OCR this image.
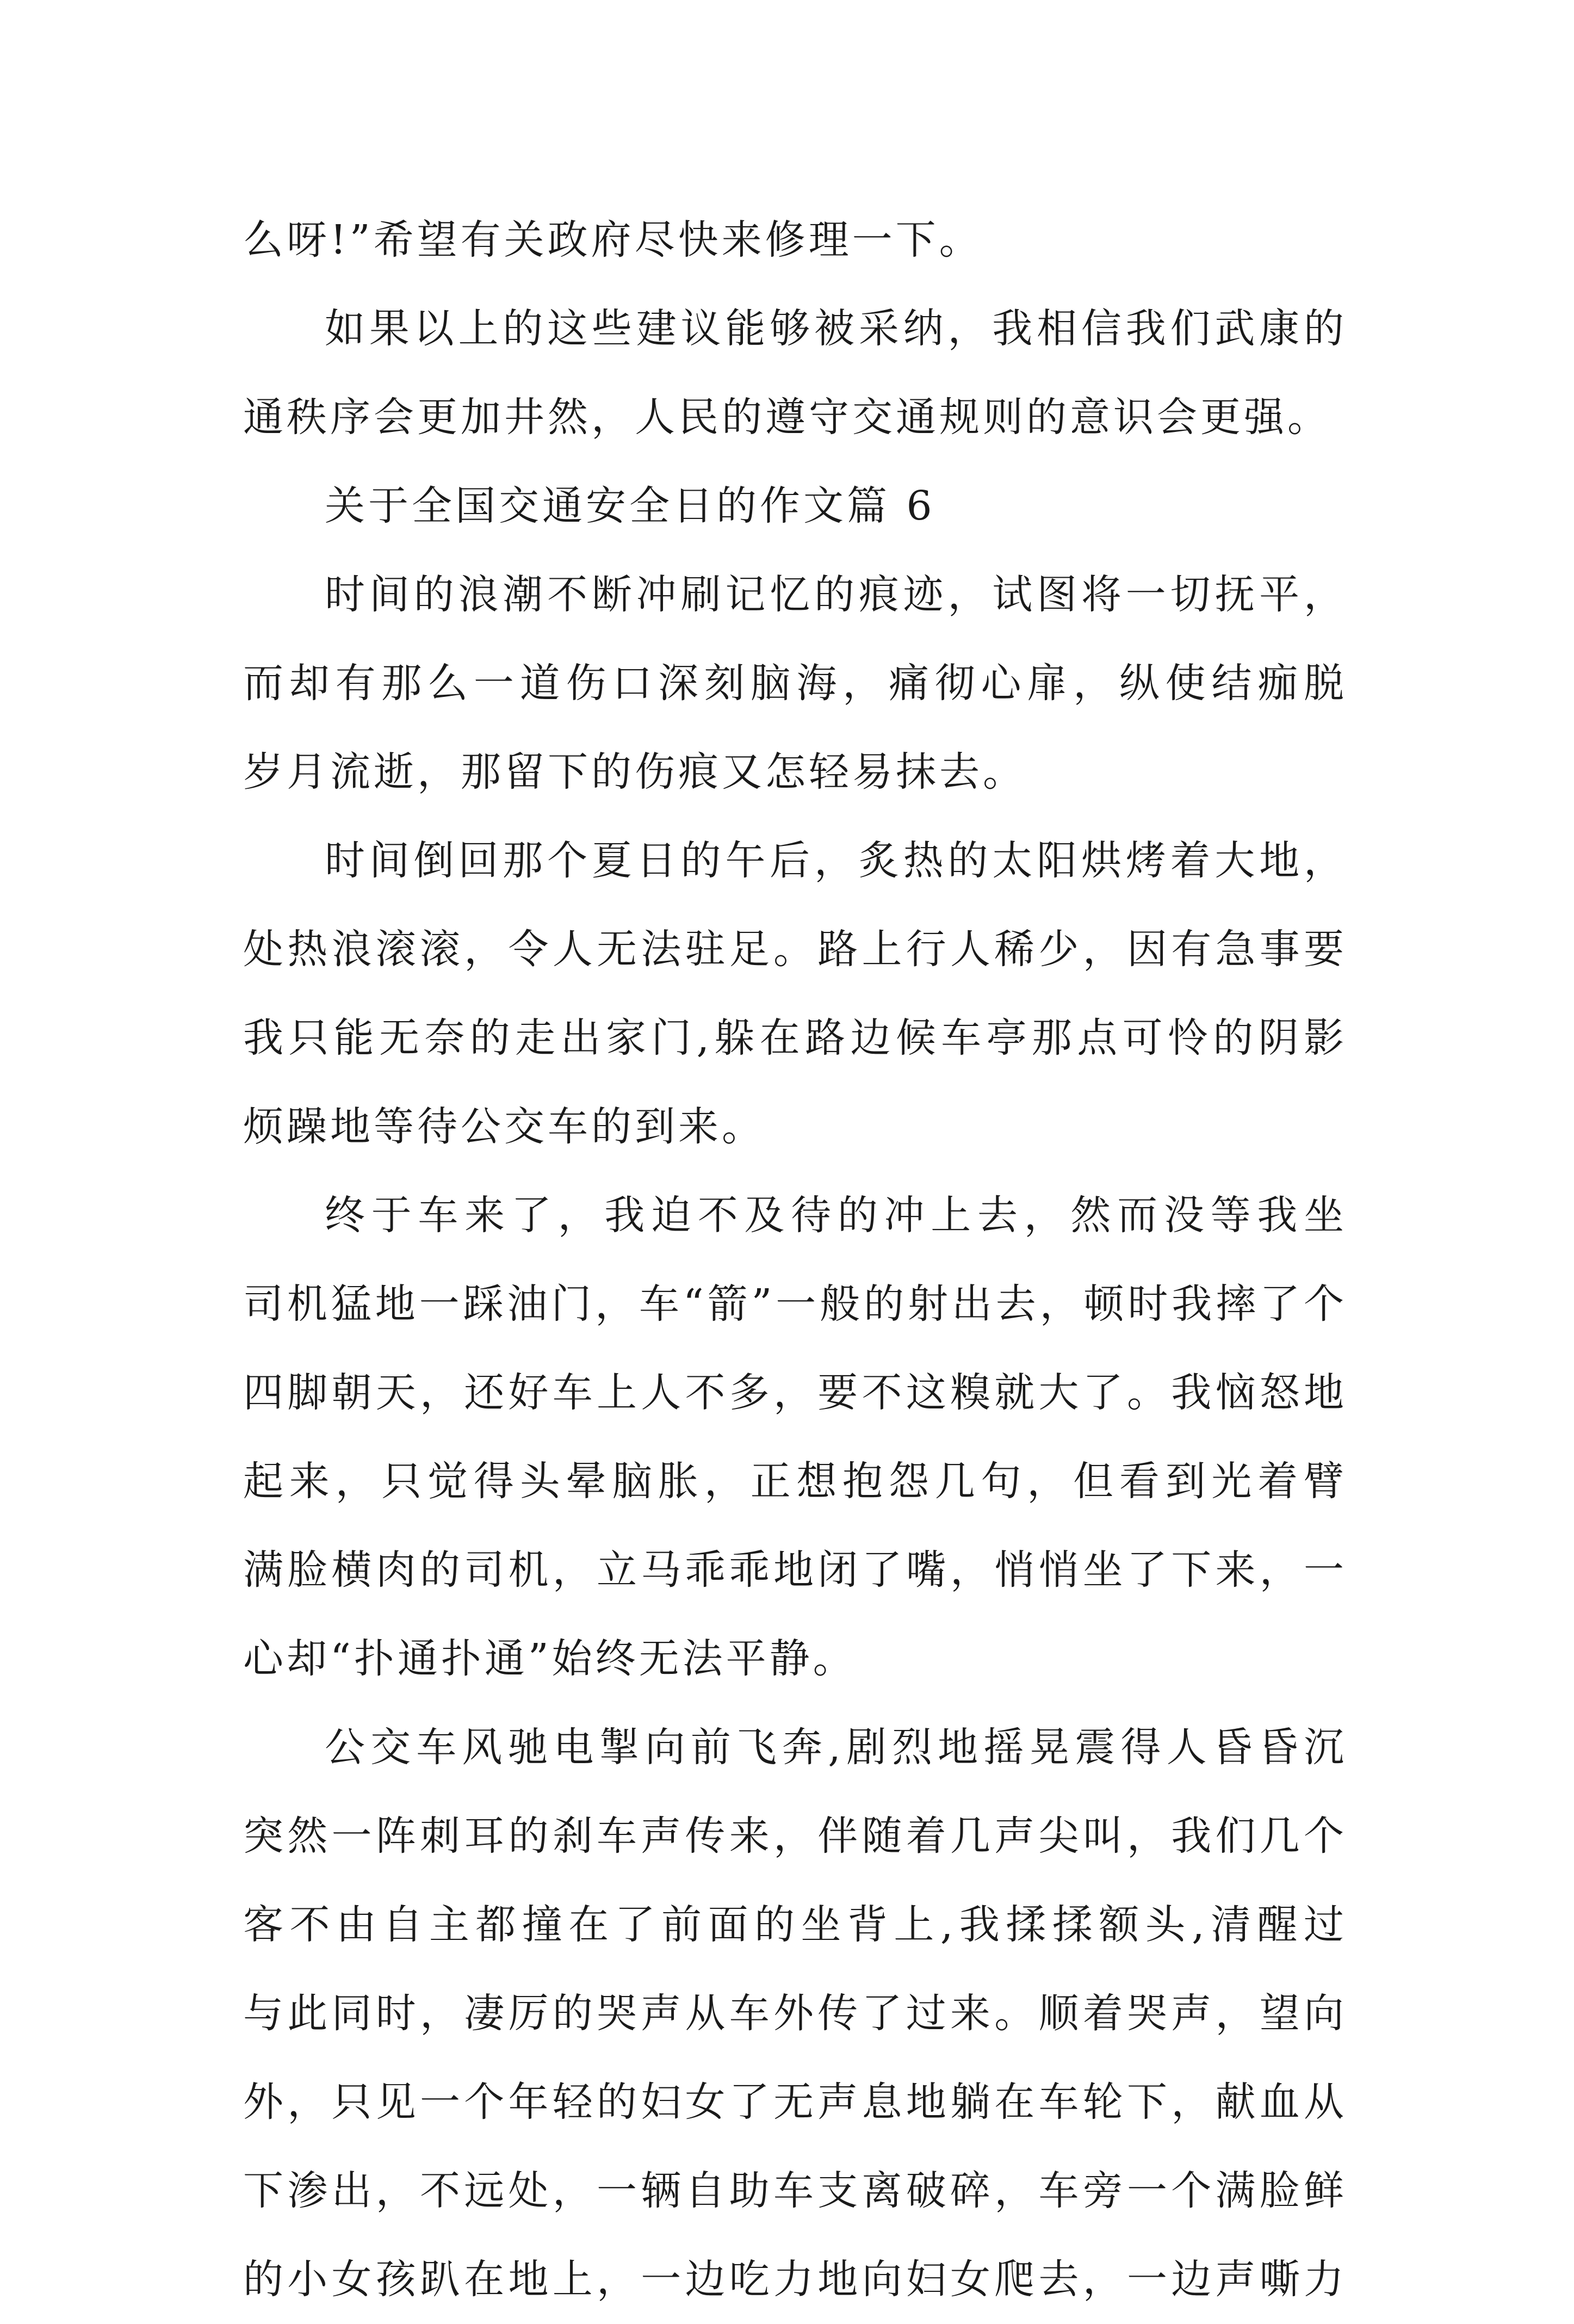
么呀!”希望有关政府尽快来修理一下。
如果以上的这些建议能够被采纳，我相信我们武康的
通秩序会更加井然，人民的遵守交通规则的意识会更强。
关于全国交通安全日的作文篇 6
时间的浪潮不断冲刷记忆的痕迹，试图将一切抚平，
而却有那么一道伤口深刻脑海，痛彻心扉，纵使结痂脱
岁月流逝，那留下的伤痕又怎轻易抹去。
时间倒回那个夏日的午后，炙热的太阳烘烤着大地，
处热浪滚滚，令人无法驻足。路上行人稀少，因有急事要
我只能无奈的走出家门,躲在路边候车亭那点可怜的阴影
烦躁地等待公交车的到来。
终于车来了，我迫不及待的冲上去，然而没等我坐
司机猛地一踩油门，车“箭”一般的射出去，顿时我摔了个
四脚朝天，还好车上人不多，要不这糗就大了。我恼怒地
起来，只觉得头晕脑胀，正想抱怨几句，但看到光着臂
满脸横肉的司机，立马乖乖地闭了嘴，悄悄坐了下来，一
心却“扑通扑通”始终无法平静。
公交车风驰电掣向前飞奔,剧烈地摇晃震得人昏昏沉
突然一阵刺耳的刹车声传来，伴随着几声尖叫，我们几个
客不由自主都撞在了前面的坐背上,我揉揉额头,清醒过
与此同时，凄厉的哭声从车外传了过来。顺着哭声，望向
外，只见一个年轻的妇女了无声息地躺在车轮下，献血从
下渗出，不远处，一辆自助车支离破碎，车旁一个满脸鲜
的小女孩趴在地上，一边吃力地向妇女爬去，一边声嘶力
